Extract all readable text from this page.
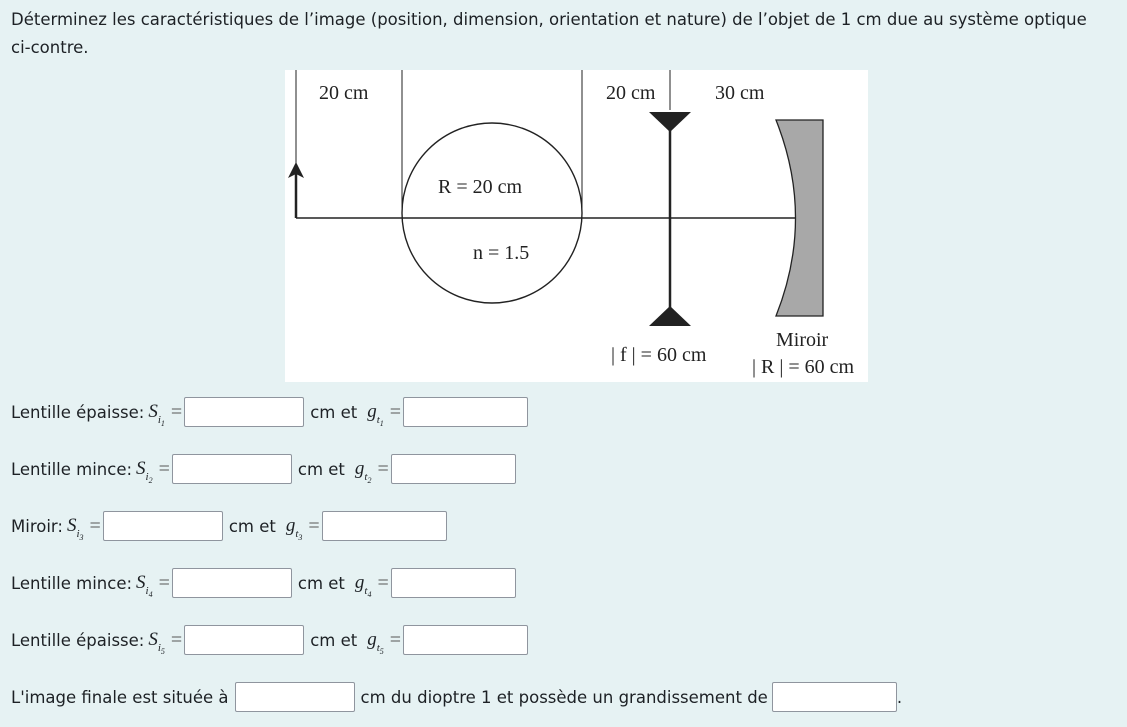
Déterminez les caractéristiques de l’image (position, dimension, orientation et nature) de l’objet de 1 cm due au système optique ci-contre.

20 cm	20 cm	30 cm
R = 20 cm
n = 1.5
| f | = 60 cm
Miroir
| R | = 60 cm
Lentille épaisse: $S_{i_1}$
=	cm et $g_{t_1}$
=
Lentille mince: $S_{i_2}$
=	cm et $g_{t_2}$
=
Miroir: $S_{i_3}$
=	cm et $g_{t_3}$
=
Lentille mince: $S_{i_4}$
=	cm et $g_{t_4}$
=
Lentille épaisse: $S_{i_5}$
=	cm et $g_{t_5}$
=
L'image finale est située à	cm du dioptre 1 et possède un grandissement de	.
